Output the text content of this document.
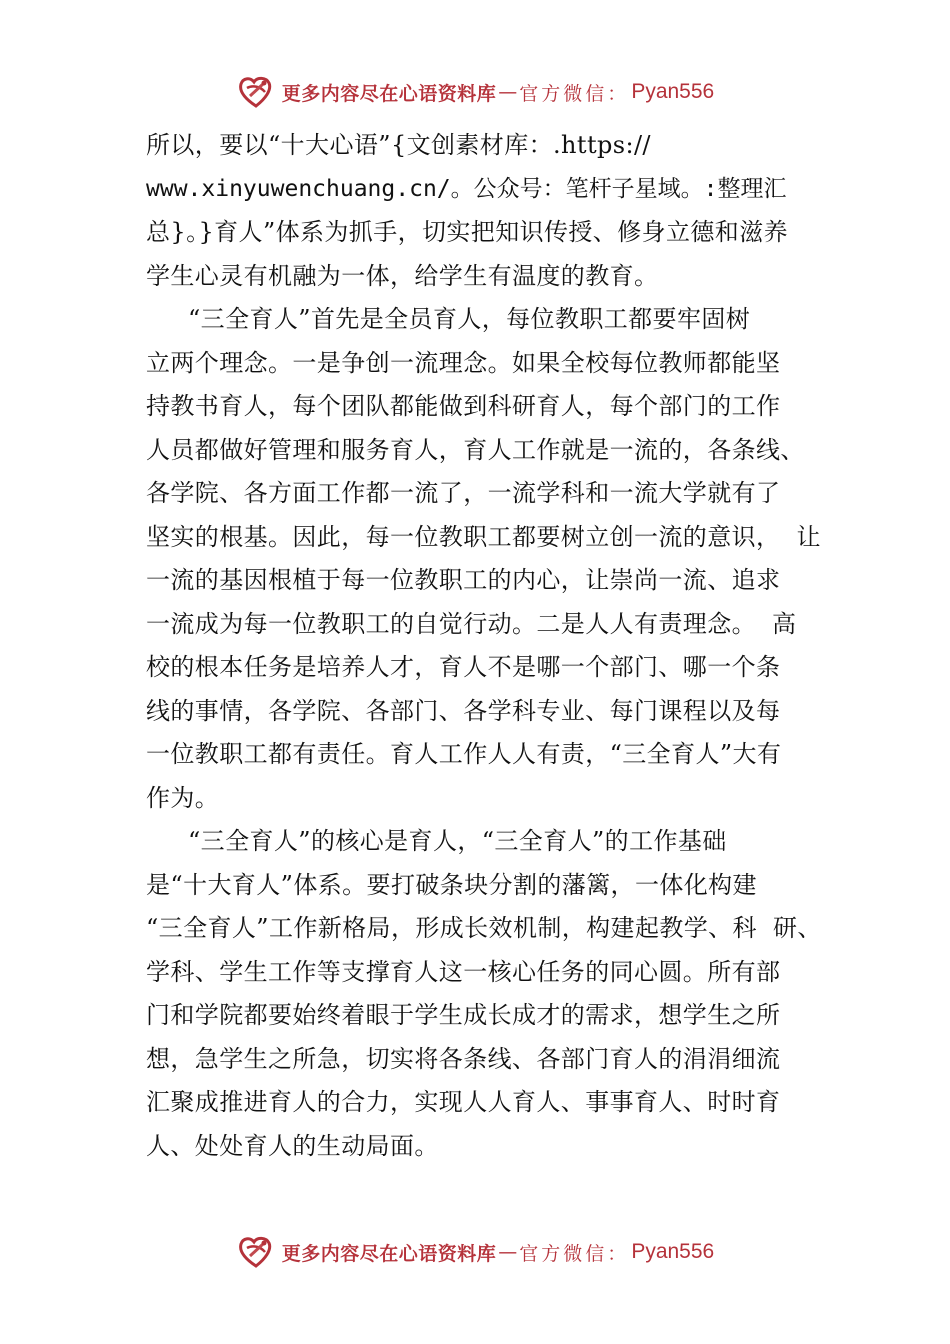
更多内容尽在心语资料库 — 官方微信： Pyan556
所以，要以“十大心语”{文创素材库：.https://
www.xinyuwenchuang.cn/。公众号：笔杆子星域。:整理汇
总}。}育人”体系为抓手，切实把知识传授、修身立德和滋养
学生心灵有机融为一体，给学生有温度的教育。
“三全育人”首先是全员育人，每位教职工都要牢固树
立两个理念。一是争创一流理念。如果全校每位教师都能坚
持教书育人，每个团队都能做到科研育人，每个部门的工作
人员都做好管理和服务育人，育人工作就是一流的，各条线、
各学院、各方面工作都一流了，一流学科和一流大学就有了
坚实的根基。因此，每一位教职工都要树立创一流的意识，  让
一流的基因根植于每一位教职工的内心，让崇尚一流、追求
一流成为每一位教职工的自觉行动。二是人人有责理念。  高
校的根本任务是培养人才，育人不是哪一个部门、哪一个条
线的事情，各学院、各部门、各学科专业、每门课程以及每
一位教职工都有责任。育人工作人人有责，“三全育人”大有
作为。
“三全育人”的核心是育人，“三全育人”的工作基础
是“十大育人”体系。要打破条块分割的藩篱，一体化构建
“三全育人”工作新格局，形成长效机制，构建起教学、科  研、
学科、学生工作等支撑育人这一核心任务的同心圆。所有部
门和学院都要始终着眼于学生成长成才的需求，想学生之所
想，急学生之所急，切实将各条线、各部门育人的涓涓细流
汇聚成推进育人的合力，实现人人育人、事事育人、时时育
人、处处育人的生动局面。
更多内容尽在心语资料库 — 官方微信： Pyan556
